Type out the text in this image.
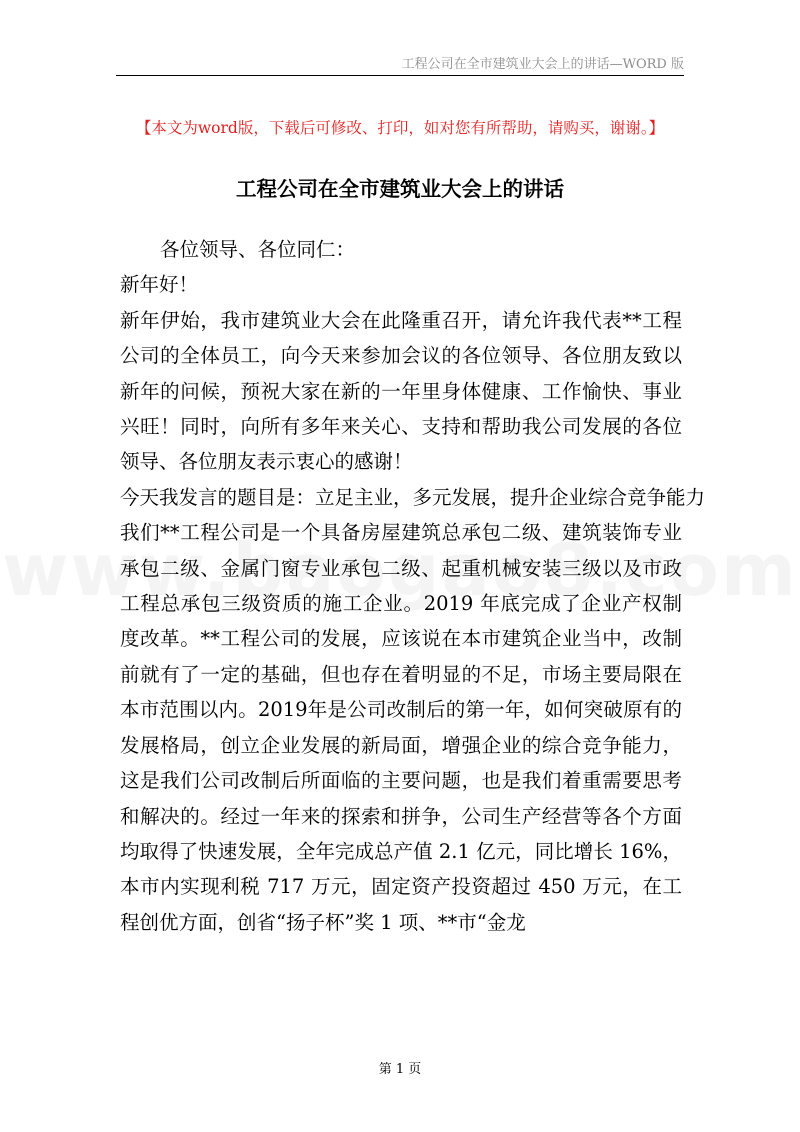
工程公司在全市建筑业大会上的讲话—WORD 版
【本文为word版，下载后可修改、打印，如对您有所帮助，请购买，谢谢。】
工程公司在全市建筑业大会上的讲话

各位领导、各位同仁：

新年好！

新年伊始，我市建筑业大会在此隆重召开，请允许我代表**工程公司的全体员工，向今天来参加会议的各位领导、各位朋友致以新年的问候，预祝大家在新的一年里身体健康、工作愉快、事业兴旺！同时，向所有多年来关心、支持和帮助我公司发展的各位领导、各位朋友表示衷心的感谢！

今天我发言的题目是：立足主业，多元发展，提升企业综合竞争能力

我们**工程公司是一个具备房屋建筑总承包二级、建筑装饰专业承包二级、金属门窗专业承包二级、起重机械安装三级以及市政工程总承包三级资质的施工企业。2019 年底完成了企业产权制度改革。**工程公司的发展，应该说在本市建筑企业当中，改制前就有了一定的基础，但也存在着明显的不足，市场主要局限在本市范围以内。2019年是公司改制后的第一年，如何突破原有的发展格局，创立企业发展的新局面，增强企业的综合竞争能力，这是我们公司改制后所面临的主要问题，也是我们着重需要思考和解决的。经过一年来的探索和拼争，公司生产经营等各个方面均取得了快速发展，全年完成总产值 2.1 亿元，同比增长 16%，本市内实现利税 717 万元，固定资产投资超过 450 万元，在工程创优方面，创省“扬子杯”奖 1 项、**市“金龙

第 1 页
